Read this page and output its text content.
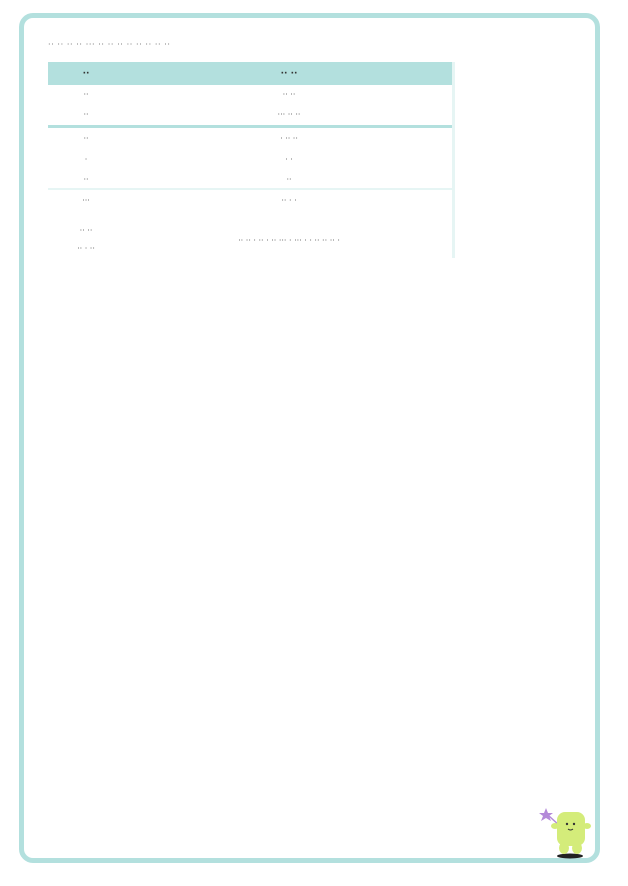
·· ·· ·· ·· ··· ·· ·· ·· ·· ·· ·· ·· ··
··	·· ··
··	·· ··
··	··· ·· ··
··	· ·· ··
·	· ·
··	··
···	·· · ·

·· ··
·· · ··	·· ·· · ·· · ·· ··· · ··· · · ·· ·· ·· ·
